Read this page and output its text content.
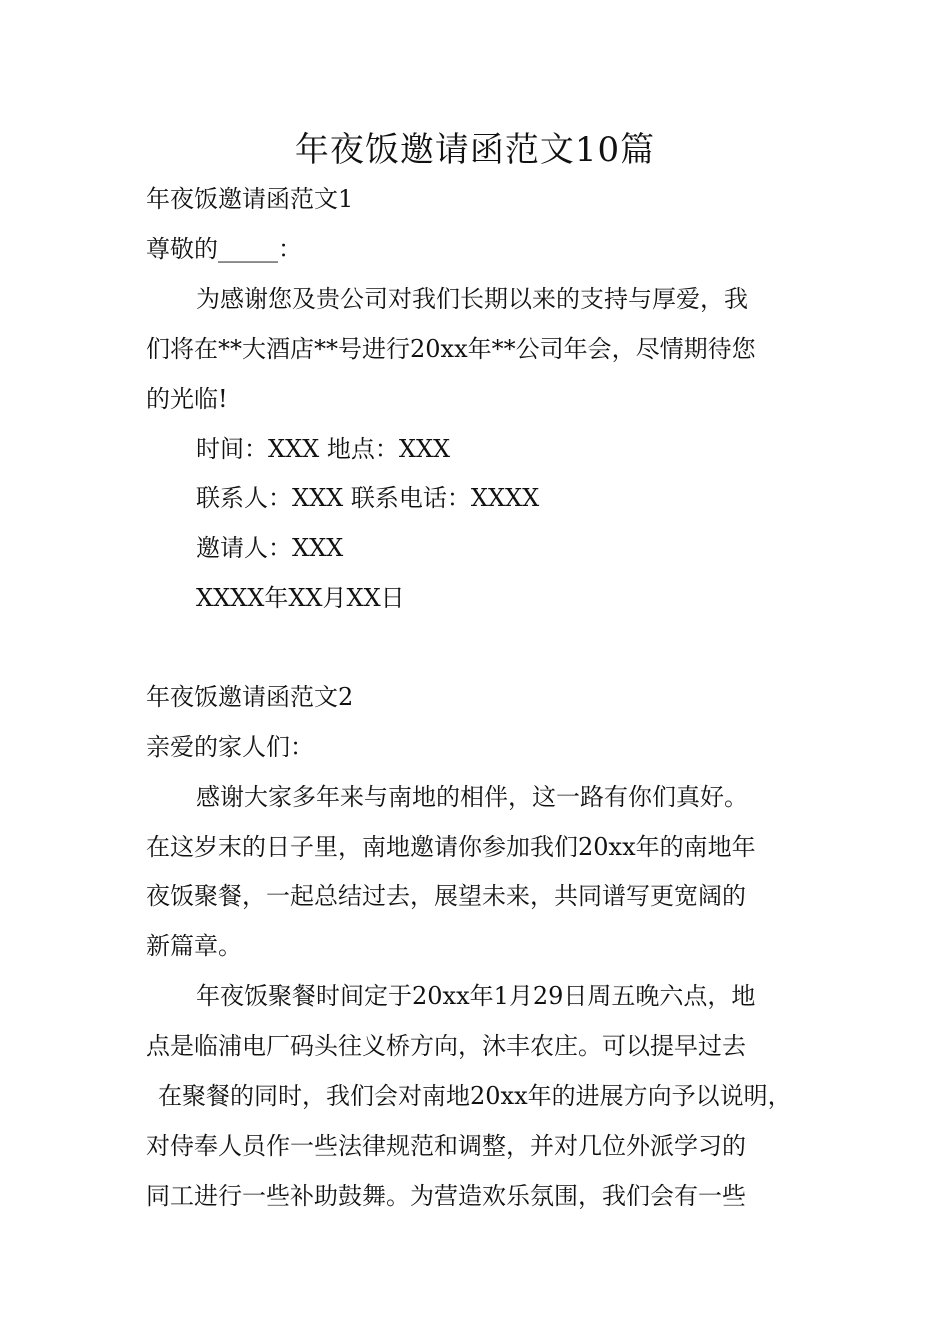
年夜饭邀请函范文10篇
年夜饭邀请函范文1
尊敬的_____：
为感谢您及贵公司对我们长期以来的支持与厚爱，我
们将在**大酒店**号进行20xx年**公司年会，尽情期待您
的光临!
时间：XXX 地点：XXX
联系人：XXX 联系电话：XXXX
邀请人：XXX
XXXX年XX月XX日
年夜饭邀请函范文2
亲爱的家人们：
感谢大家多年来与南地的相伴，这一路有你们真好。
在这岁末的日子里，南地邀请你参加我们20xx年的南地年
夜饭聚餐，一起总结过去，展望未来，共同谱写更宽阔的
新篇章。
年夜饭聚餐时间定于20xx年1月29日周五晚六点，地
点是临浦电厂码头往义桥方向，沐丰农庄。可以提早过去
在聚餐的同时，我们会对南地20xx年的进展方向予以说明，
对侍奉人员作一些法律规范和调整，并对几位外派学习的
同工进行一些补助鼓舞。为营造欢乐氛围，我们会有一些
